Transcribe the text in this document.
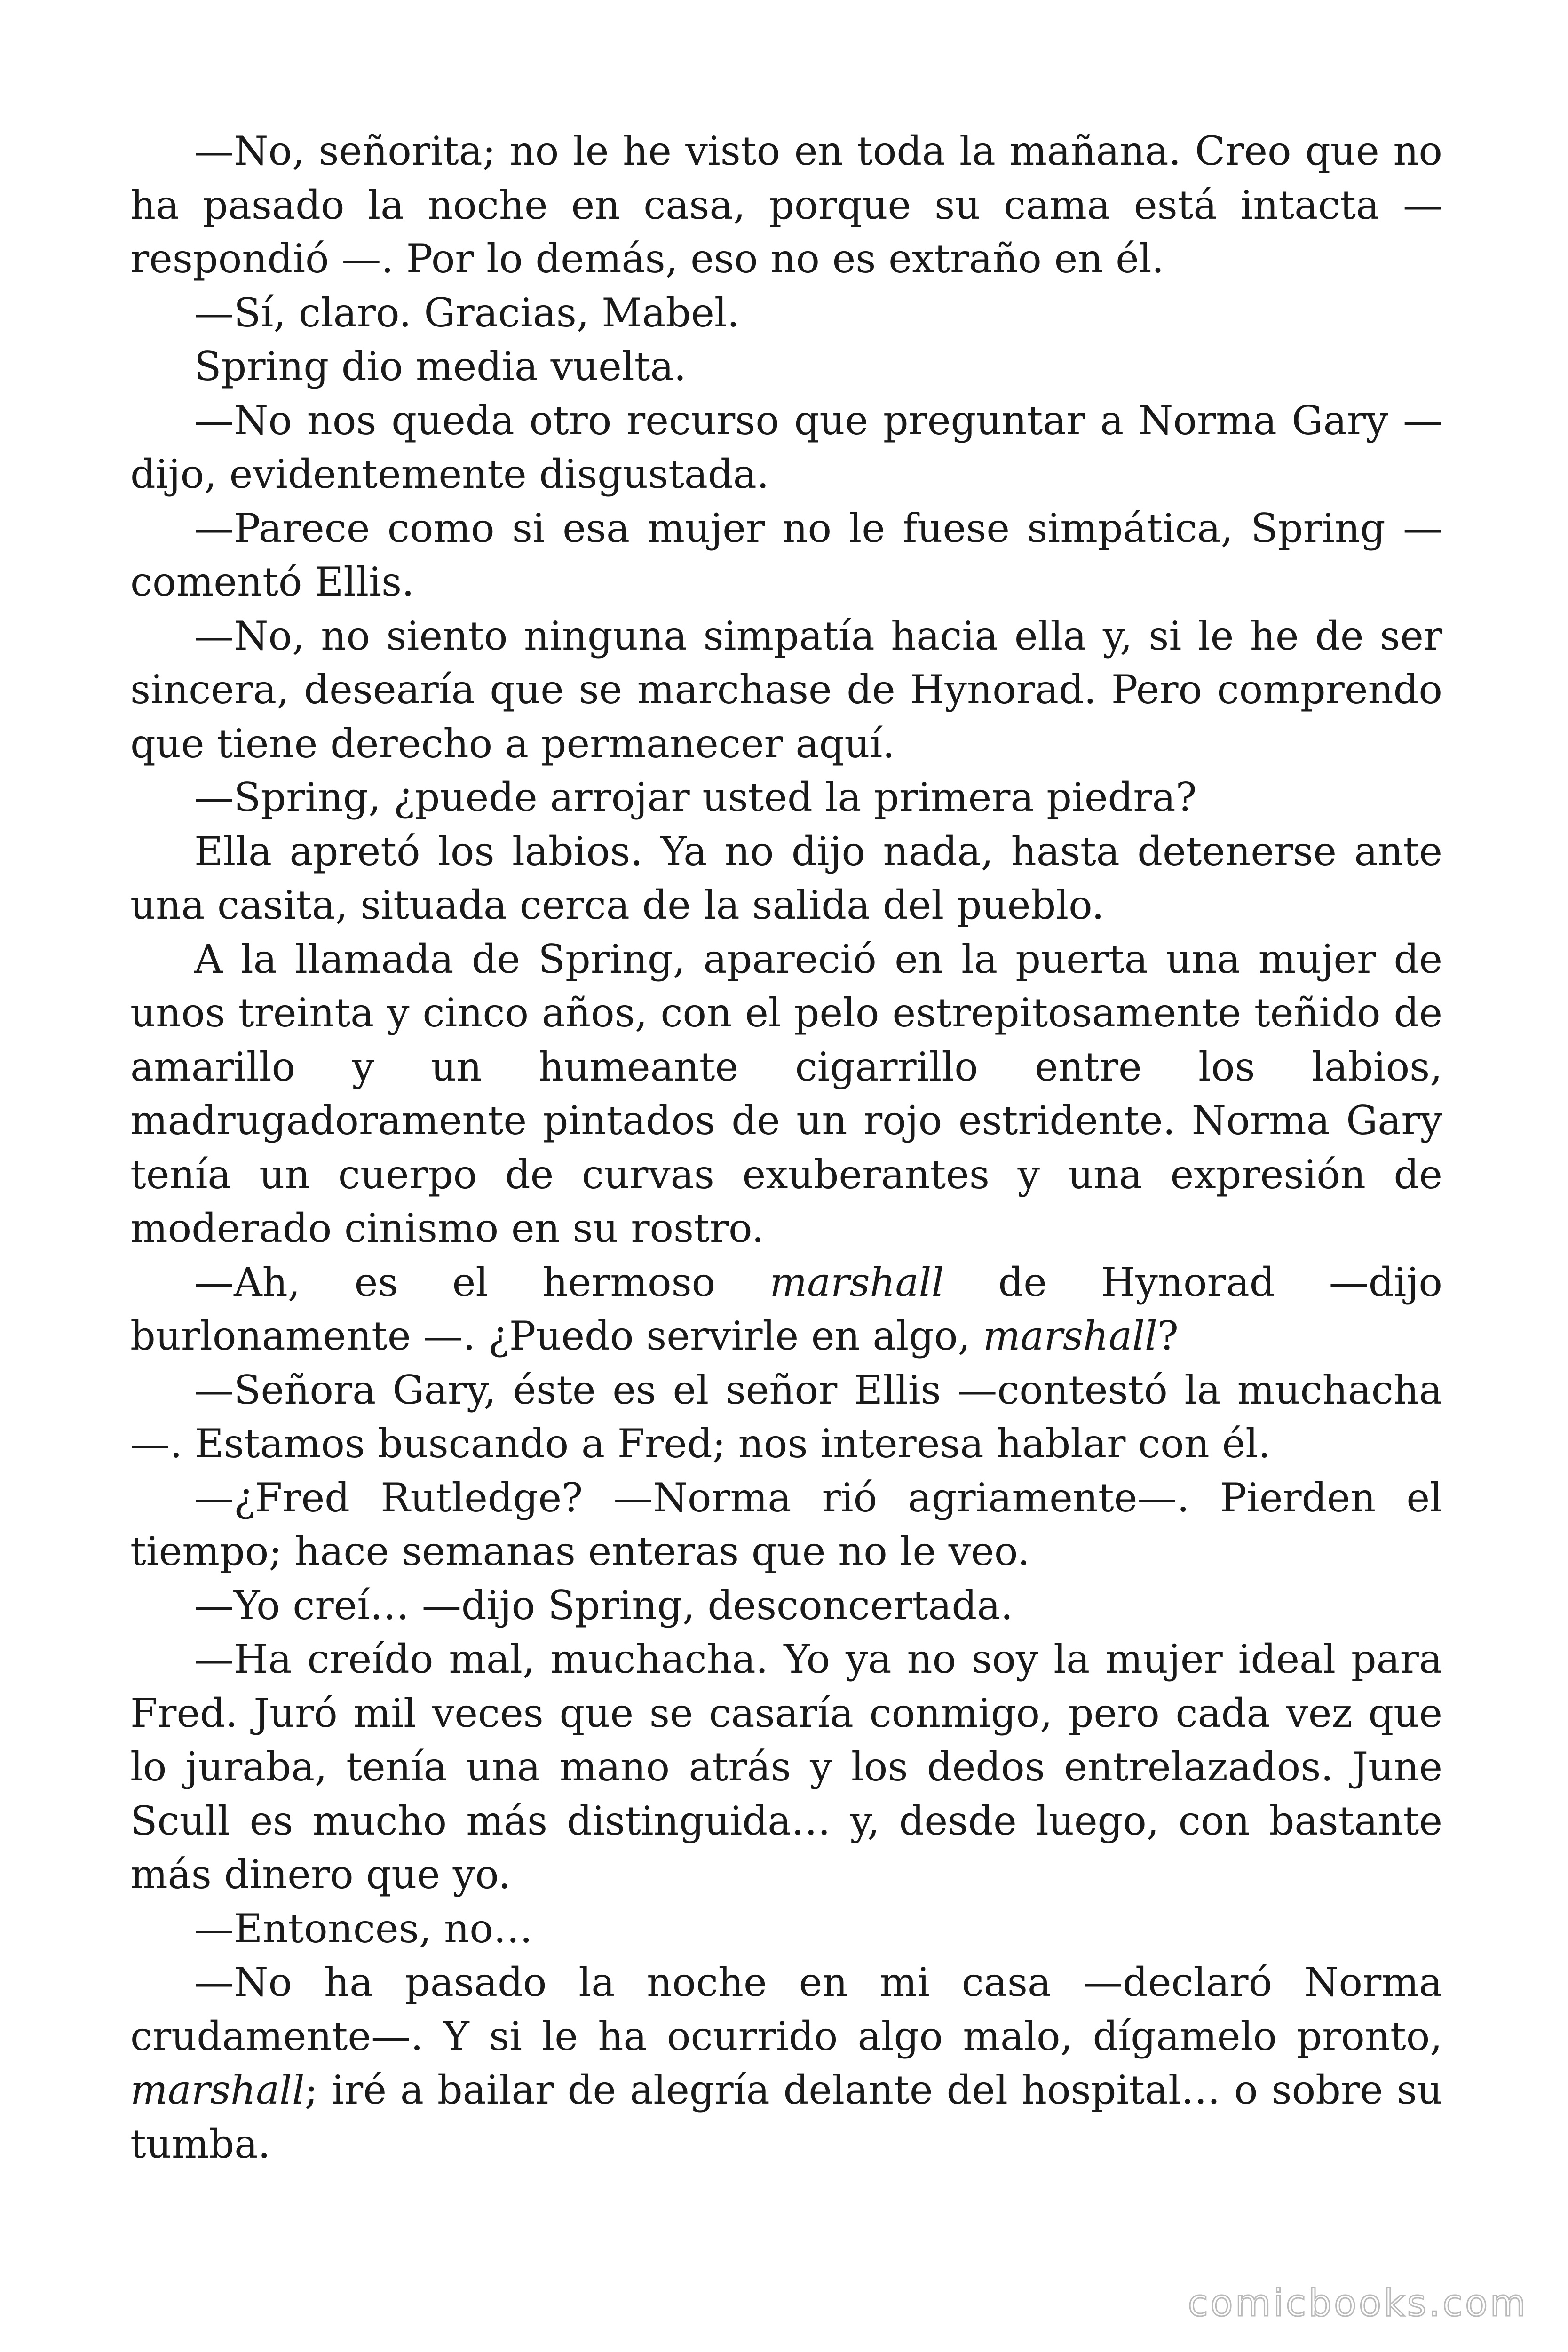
—No, señorita; no le he visto en toda la mañana. Creo que no ha pasado la noche en casa, porque su cama está intacta —respondió —. Por lo demás, eso no es extraño en él.

—Sí, claro. Gracias, Mabel.

Spring dio media vuelta.

—No nos queda otro recurso que preguntar a Norma Gary —dijo, evidentemente disgustada.

—Parece como si esa mujer no le fuese simpática, Spring —comentó Ellis.

—No, no siento ninguna simpatía hacia ella y, si le he de ser sincera, desearía que se marchase de Hynorad. Pero comprendo que tiene derecho a permanecer aquí.

—Spring, ¿puede arrojar usted la primera piedra?

Ella apretó los labios. Ya no dijo nada, hasta detenerse ante una casita, situada cerca de la salida del pueblo.

A la llamada de Spring, apareció en la puerta una mujer de unos treinta y cinco años, con el pelo estrepitosamente teñido de amarillo y un humeante cigarrillo entre los labios, madrugadoramente pintados de un rojo estridente. Norma Gary tenía un cuerpo de curvas exuberantes y una expresión de moderado cinismo en su rostro.

—Ah, es el hermoso marshall de Hynorad —dijo burlonamente —. ¿Puedo servirle en algo, marshall?

—Señora Gary, éste es el señor Ellis —contestó la muchacha—. Estamos buscando a Fred; nos interesa hablar con él.

—¿Fred Rutledge? —Norma rió agriamente—. Pierden el tiempo; hace semanas enteras que no le veo.

—Yo creí… —dijo Spring, desconcertada.

—Ha creído mal, muchacha. Yo ya no soy la mujer ideal para Fred. Juró mil veces que se casaría conmigo, pero cada vez que lo juraba, tenía una mano atrás y los dedos entrelazados. June Scull es mucho más distinguida… y, desde luego, con bastante más dinero que yo.

—Entonces, no…

—No ha pasado la noche en mi casa —declaró Norma crudamente—. Y si le ha ocurrido algo malo, dígamelo pronto, marshall; iré a bailar de alegría delante del hospital… o sobre su tumba.

comicbooks.com
